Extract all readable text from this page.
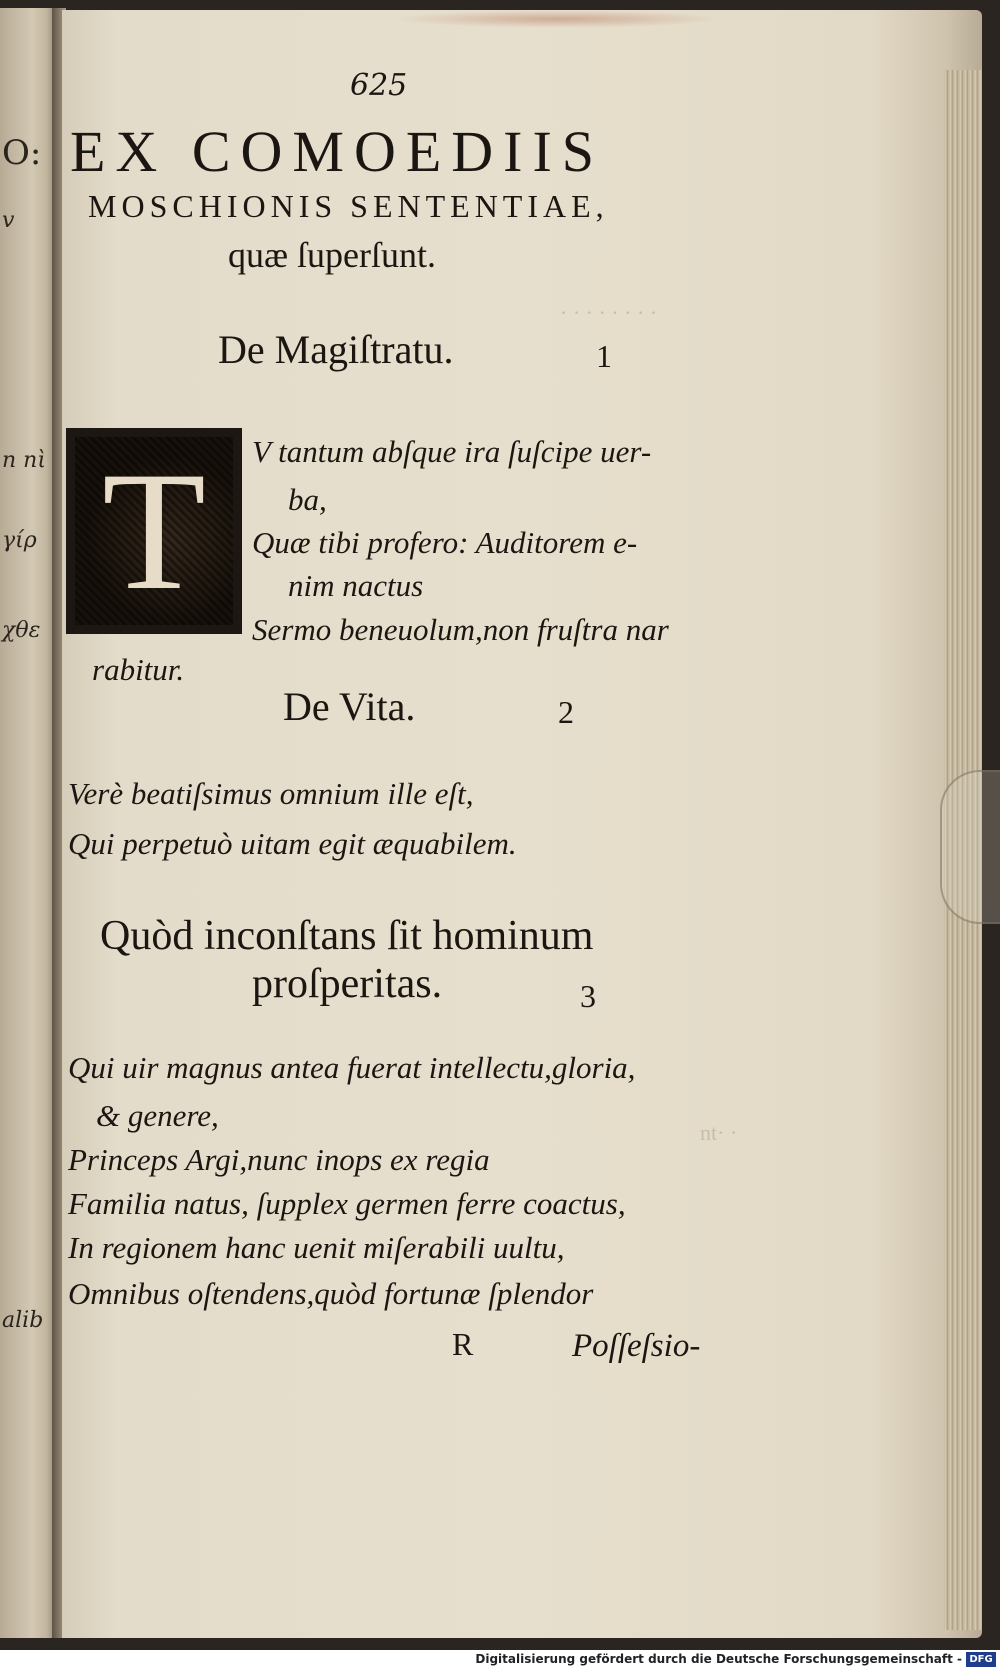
O:
v
n nὶ
γίρ
χθε
alib
· · · · · · · ·
nt· ·
625
EX COMOEDIIS
MOSCHIONIS SENTENTIAE,
quæ ſuperſunt.
De Magiſtratu.	1
T	V tantum abſque ira ſuſcipe uer-
ba,
Quæ tibi profero: Auditorem e-
nim nactus
Sermo beneuolum,non fruſtra nar
rabitur.
De Vita.	2
Verè beatiſsimus omnium ille eſt,
Qui perpetuò uitam egit æquabilem.
Quòd inconſtans ſit hominum
proſperitas.	3
Qui uir magnus antea fuerat intellectu,gloria,
& genere,
Princeps Argi,nunc inops ex regia
Familia natus, ſupplex germen ferre coactus,
In regionem hanc uenit miſerabili uultu,
Omnibus oſtendens,quòd fortunæ ſplendor
R	Poſſeſsio-
Digitalisierung gefördert durch die Deutsche Forschungsgemeinschaft - DFG
